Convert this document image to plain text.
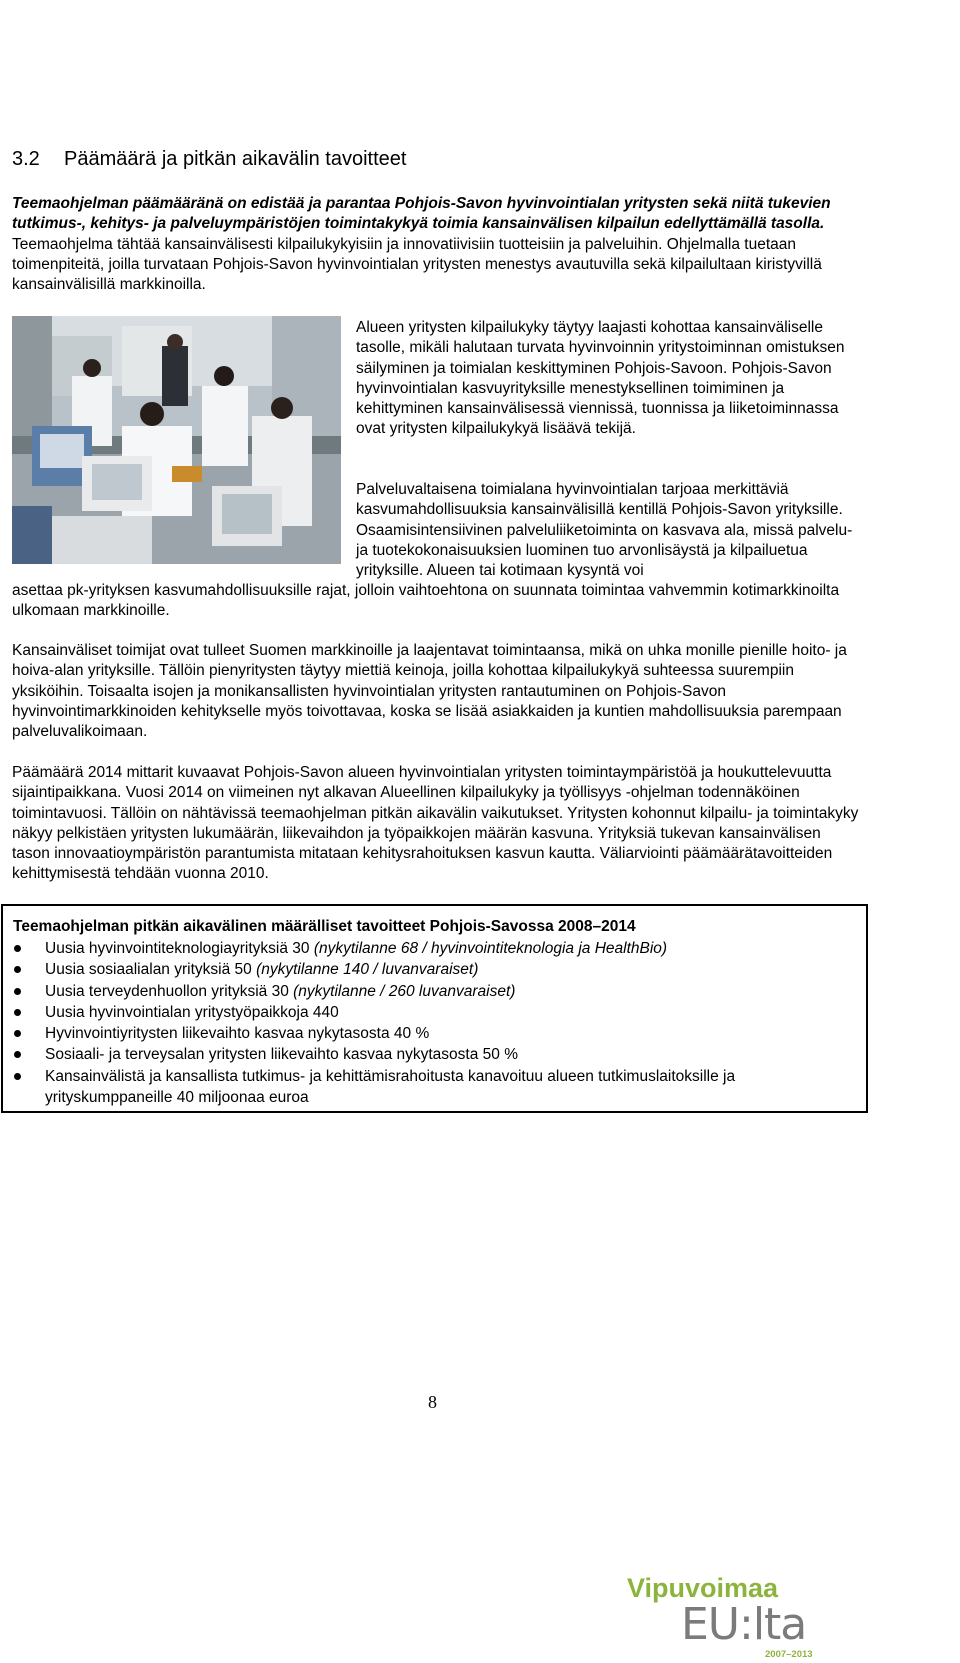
3.2 Päämäärä ja pitkän aikavälin tavoitteet

Teemaohjelman päämääränä on edistää ja parantaa Pohjois-Savon hyvinvointialan yritysten sekä niitä tukevien tutkimus-, kehitys- ja palveluympäristöjen toimintakykyä toimia kansainvälisen kilpailun edellyttämällä tasolla. Teemaohjelma tähtää kansainvälisesti kilpailukykyisiin ja innovatiivisiin tuotteisiin ja palveluihin. Ohjelmalla tuetaan toimenpiteitä, joilla turvataan Pohjois-Savon hyvinvointialan yritysten menestys avautuvilla sekä kilpailultaan kiristyvillä kansainvälisillä markkinoilla.

Alueen yritysten kilpailukyky täytyy laajasti kohottaa kansainväliselle tasolle, mikäli halutaan turvata hyvinvoinnin yritystoiminnan omistuksen säilyminen ja toimialan keskittyminen Pohjois-Savoon. Pohjois-Savon hyvinvointialan kasvuyrityksille menestyksellinen toimiminen ja kehittyminen kansainvälisessä viennissä, tuonnissa ja liiketoiminnassa ovat yritysten kilpailukykyä lisäävä tekijä.

Palveluvaltaisena toimialana hyvinvointialan tarjoaa merkittäviä kasvumahdollisuuksia kansainvälisillä kentillä Pohjois-Savon yrityksille. Osaamisintensiivinen palveluliiketoiminta on kasvava ala, missä palvelu- ja tuotekokonaisuuksien luominen tuo arvonlisäystä ja kilpailuetua yrityksille. Alueen tai kotimaan kysyntä voi

asettaa pk-yrityksen kasvumahdollisuuksille rajat, jolloin vaihtoehtona on suunnata toimintaa vahvemmin kotimarkkinoilta ulkomaan markkinoille.

Kansainväliset toimijat ovat tulleet Suomen markkinoille ja laajentavat toimintaansa, mikä on uhka monille pienille hoito- ja hoiva-alan yrityksille. Tällöin pienyritysten täytyy miettiä keinoja, joilla kohottaa kilpailukykyä suhteessa suurempiin yksiköihin. Toisaalta isojen ja monikansallisten hyvinvointialan yritysten rantautuminen on Pohjois-Savon hyvinvointimarkkinoiden kehitykselle myös toivottavaa, koska se lisää asiakkaiden ja kuntien mahdollisuuksia parempaan palveluvalikoimaan.

Päämäärä 2014 mittarit kuvaavat Pohjois-Savon alueen hyvinvointialan yritysten toimintaympäristöä ja houkuttelevuutta sijaintipaikkana. Vuosi 2014 on viimeinen nyt alkavan Alueellinen kilpailukyky ja työllisyys -ohjelman todennäköinen toimintavuosi. Tällöin on nähtävissä teemaohjelman pitkän aikavälin vaikutukset. Yritysten kohonnut kilpailu- ja toimintakyky näkyy pelkistäen yritysten lukumäärän, liikevaihdon ja työpaikkojen määrän kasvuna. Yrityksiä tukevan kansainvälisen tason innovaatioympäristön parantumista mitataan kehitysrahoituksen kasvun kautta. Väliarviointi päämäärätavoitteiden kehittymisestä tehdään vuonna 2010.

Teemaohjelman pitkän aikavälinen määrälliset tavoitteet Pohjois-Savossa 2008–2014

Uusia hyvinvointiteknologiayrityksiä 30 (nykytilanne 68 / hyvinvointiteknologia ja HealthBio)
Uusia sosiaalialan yrityksiä 50 (nykytilanne 140 / luvanvaraiset)
Uusia terveydenhuollon yrityksiä 30 (nykytilanne / 260 luvanvaraiset)
Uusia hyvinvointialan yritystyöpaikkoja 440
Hyvinvointiyritysten liikevaihto kasvaa nykytasosta 40 %
Sosiaali- ja terveysalan yritysten liikevaihto kasvaa nykytasosta 50 %
Kansainvälistä ja kansallista tutkimus- ja kehittämisrahoitusta kanavoituu alueen tutkimuslaitoksille ja yrityskumppaneille 40 miljoonaa euroa
Vipuvoimaa
EU:lta
2007–2013
8
